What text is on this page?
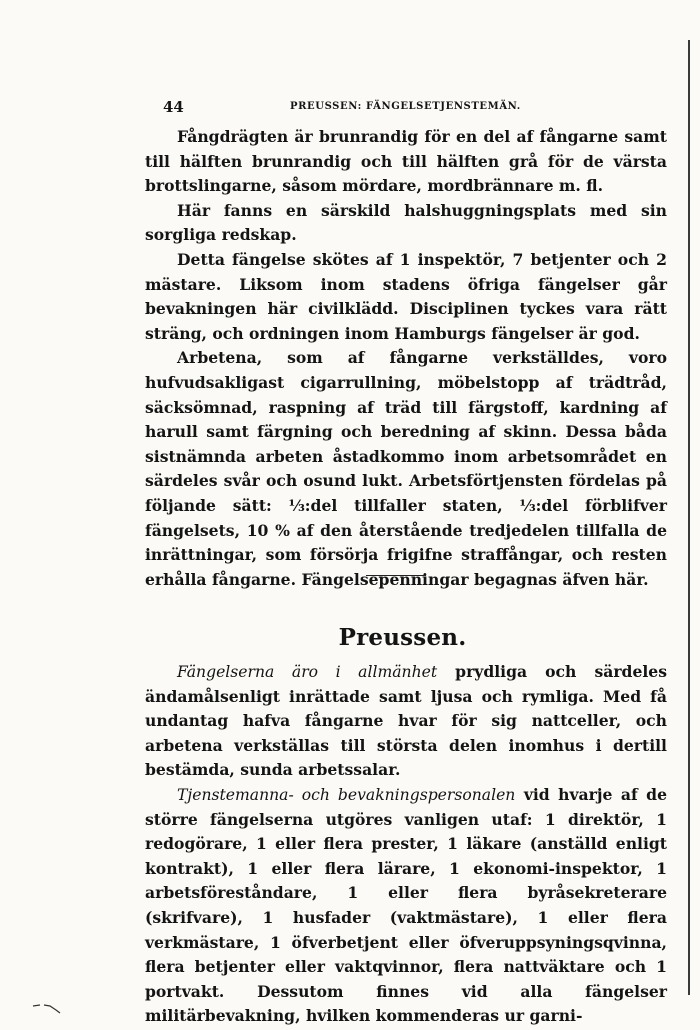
44	PREUSSEN: FÄNGELSETJENSTEMÄN.

Fångdrägten är brunrandig för en del af fångarne samt till hälften brunrandig och till hälften grå för de värsta brottslingarne, såsom mördare, mordbrännare m. fl.

Här fanns en särskild halshuggningsplats med sin sorgliga redskap.

Detta fängelse skötes af 1 inspektör, 7 betjenter och 2 mästare. Liksom inom stadens öfriga fängelser går bevakningen här civilklädd. Disciplinen tyckes vara rätt sträng, och ordningen inom Hamburgs fängelser är god.

Arbetena, som af fångarne verkställdes, voro hufvudsakligast cigarrullning, möbelstopp af trädtråd, säcksömnad, raspning af träd till färgstoff, kardning af harull samt färgning och beredning af skinn. Dessa båda sistnämnda arbeten åstadkommo inom arbetsområdet en särdeles svår och osund lukt. Arbetsförtjensten fördelas på följande sätt: ⅓:del tillfaller staten, ⅓:del förblifver fängelsets, 10 % af den återstående tredjedelen tillfalla de inrättningar, som försörja frigifne straffångar, och resten erhålla fångarne. Fängelsepenningar begagnas äfven här.

Preussen.

Fängelserna äro i allmänhet prydliga och särdeles ändamålsenligt inrättade samt ljusa och rymliga. Med få undantag hafva fångarne hvar för sig nattceller, och arbetena verkställas till största delen inomhus i dertill bestämda, sunda arbetssalar.

Tjenstemanna- och bevakningspersonalen vid hvarje af de större fängelserna utgöres vanligen utaf: 1 direktör, 1 redogörare, 1 eller flera prester, 1 läkare (anställd enligt kontrakt), 1 eller flera lärare, 1 ekonomi-inspektor, 1 arbetsföreståndare, 1 eller flera byråsekreterare (skrifvare), 1 husfader (vaktmästare), 1 eller flera verkmästare, 1 öfverbetjent eller öfveruppsyningsqvinna, flera betjenter eller vaktqvinnor, flera nattväktare och 1 portvakt. Dessutom finnes vid alla fängelser militärbevakning, hvilken kommenderas ur garni-
